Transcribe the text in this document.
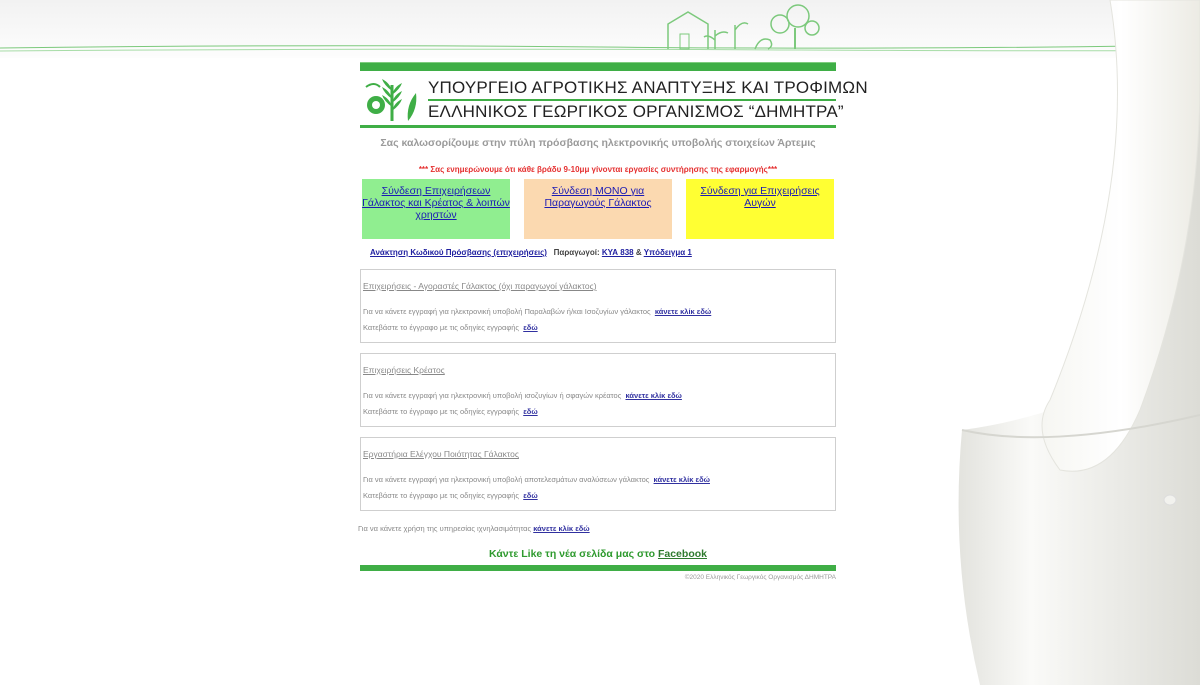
ΥΠΟΥΡΓΕΙΟ ΑΓΡΟΤΙΚΗΣ ΑΝΑΠΤΥΞΗΣ ΚΑΙ ΤΡΟΦΙΜΩΝ
ΕΛΛΗΝΙΚΟΣ ΓΕΩΡΓΙΚΟΣ ΟΡΓΑΝΙΣΜΟΣ “ΔΗΜΗΤΡΑ”
Σας καλωσορίζουμε στην πύλη πρόσβασης ηλεκτρονικής υποβολής στοιχείων Άρτεμις
*** Σας ενημερώνουμε ότι κάθε βράδυ 9-10μμ γίνονται εργασίες συντήρησης της εφαρμογής***
Σύνδεση Επιχειρήσεων Γάλακτος και Κρέατος & λοιπών χρηστών
Σύνδεση ΜΟΝΟ για Παραγωγούς Γάλακτος
Σύνδεση για Επιχειρήσεις Αυγών
Ανάκτηση Κωδικού Πρόσβασης (επιχειρήσεις) Παραγωγοί: ΚΥΑ 838 & Υπόδειγμα 1
Επιχειρήσεις - Αγοραστές Γάλακτος (όχι παραγωγοί γάλακτος)
Για να κάνετε εγγραφή για ηλεκτρονική υποβολή Παραλαβών ή/και Ισοζυγίων γάλακτος κάνετε κλίκ εδώ
Κατεβάστε το έγγραφο με τις οδηγίες εγγραφής εδώ
Επιχειρήσεις Κρέατος
Για να κάνετε εγγραφή για ηλεκτρονική υποβολή ισοζυγίων ή σφαγών κρέατος κάνετε κλίκ εδώ
Κατεβάστε το έγγραφο με τις οδηγίες εγγραφής εδώ
Εργαστήρια Ελέγχου Ποιότητας Γάλακτος
Για να κάνετε εγγραφή για ηλεκτρονική υποβολή αποτελεσμάτων αναλύσεων γάλακτος κάνετε κλίκ εδώ
Κατεβάστε το έγγραφο με τις οδηγίες εγγραφής εδώ
Για να κάνετε χρήση της υπηρεσίας ιχνηλασιμότητας κάνετε κλίκ εδώ
Κάντε Like τη νέα σελίδα μας στο Facebook
©2020 Ελληνικός Γεωργικός Οργανισμός ΔΗΜΗΤΡΑ
